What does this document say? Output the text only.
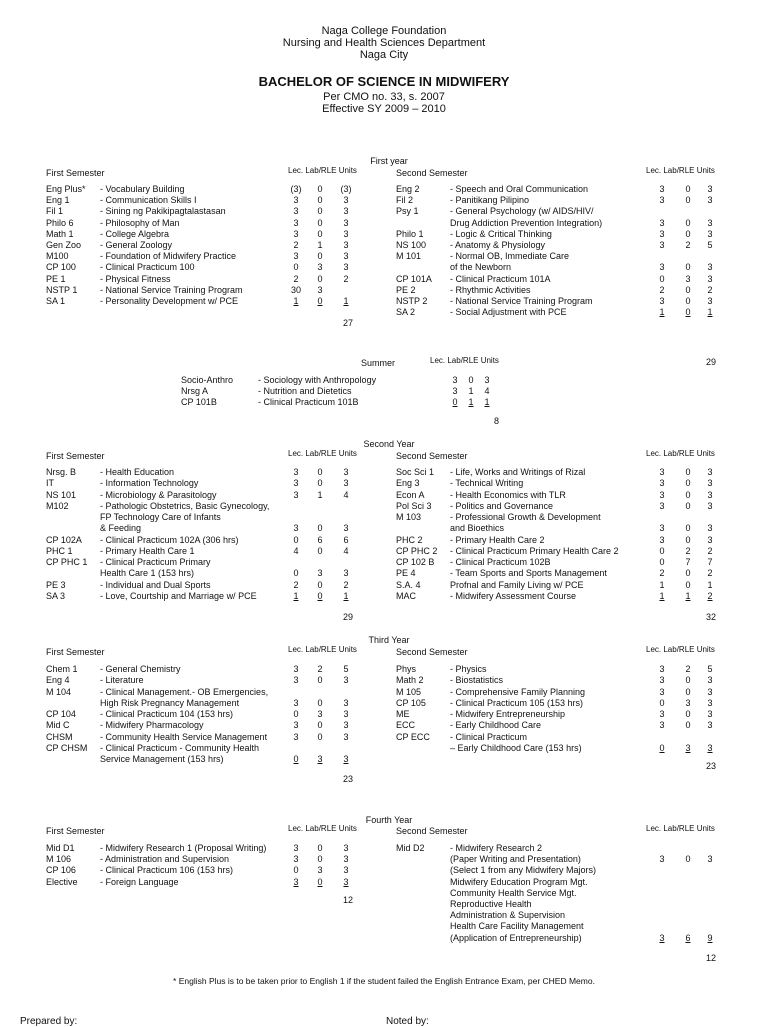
Naga College Foundation
Nursing and Health Sciences Department
Naga City
BACHELOR OF SCIENCE IN MIDWIFERY
Per CMO no. 33, s. 2007
Effective SY 2009 – 2010
First year
First Semester	Lec. Lab/RLE Units	Second Semester	Lec. Lab/RLE Units
Eng Plus* - Vocabulary Building	(3)	0	(3)
Eng 1	- Communication Skills I	3	0	3
Fil 1	- Sining ng Pakikipagtalastasan	3	0	3
Philo 6	- Philosophy of Man	3	0	3
Math 1	- College Algebra	3	0	3
Gen Zoo - General Zoology	2	1	3
M100	- Foundation of Midwifery Practice	3	0	3
CP 100	- Clinical Practicum 100	0	3	3
PE 1	- Physical Fitness	2	0	2
NSTP 1	- National Service Training Program	30	3
SA 1	- Personality Development w/ PCE	1	0	1
Eng 2	- Speech and Oral Communication	3	0	3
Fil 2	- Panitikang Pilipino	3	0	3
Psy 1	- General Psychology (w/ AIDS/HIV/
Drug Addiction Prevention Integration)	3	0	3
Philo 1	- Logic & Critical Thinking	3	0	3
NS 100	- Anatomy & Physiology	3	2	5
M 101	- Normal OB, Immediate Care
of the Newborn	3	0	3
CP 101A - Clinical Practicum 101A	0	3	3
PE 2	- Rhythmic Activities	2	0	2
NSTP 2	- National Service Training Program	3	0	3
SA 2	- Social Adjustment with PCE	1	0	1
27
29
Second Year
First Semester	Lec. Lab/RLE Units	Second Semester	Lec. Lab/RLE Units
Nrsg. B	- Health Education	3	0	3
IT	- Information Technology	3	0	3
NS 101	- Microbiology & Parasitology	3	1	4
M102	- Pathologic Obstetrics, Basic Gynecology,
FP Technology Care of Infants
& Feeding	3	0	3
CP 102A - Clinical Practicum 102A (306 hrs)	0	6	6
PHC 1	- Primary Health Care 1	4	0	4
CP PHC 1 - Clinical Practicum Primary
Health Care 1 (153 hrs)	0	3	3
PE 3	- Individual and Dual Sports	2	0	2
SA 3	- Love, Courtship and Marriage w/ PCE	1	0	1
Soc Sci 1 - Life, Works and Writings of Rizal	3	0	3
Eng 3	- Technical Writing	3	0	3
Econ A	- Health Economics with TLR	3	0	3
Pol Sci 3 - Politics and Governance	3	0	3
M 103	- Professional Growth & Development
and Bioethics	3	0	3
PHC 2	- Primary Health Care 2	3	0	3
CP PHC 2 - Clinical Practicum Primary Health Care 2	0	2	2
CP 102 B - Clinical Practicum 102B	0	7	7
PE 4	- Team Sports and Sports Management	2	0	2
S.A. 4	Profnal and Family Living w/ PCE	1	0	1
MAC	- Midwifery Assessment Course	1	1	2
29	32
Third Year
First Semester	Lec. Lab/RLE Units	Second Semester	Lec. Lab/RLE Units
Chem 1 - General Chemistry	3	2	5
Eng 4	- Literature	3	0	3
M 104	- Clinical Management.- OB Emergencies,
High Risk Pregnancy Management	3	0	3
CP 104	- Clinical Practicum 104 (153 hrs)	0	3	3
Mid C	- Midwifery Pharmacology	3	0	3
CHSM	- Community Health Service Management	3	0	3
CP CHSM - Clinical Practicum - Community Health
Service Management (153 hrs)	0	3	3
Phys	- Physics	3	2	5
Math 2	- Biostatistics	3	0	3
M 105	- Comprehensive Family Planning	3	0	3
CP 105	- Clinical Practicum 105 (153 hrs)	0	3	3
ME	- Midwifery Entrepreneurship	3	0	3
ECC	- Early Childhood Care	3	0	3
CP ECC - Clinical Practicum
– Early Childhood Care (153 hrs)	0	3	3
23
23
Fourth Year
First Semester	Lec. Lab/RLE Units	Second Semester	Lec. Lab/RLE Units
Mid D1	- Midwifery Research 1 (Proposal Writing)	3	0	3
M 106	- Administration and Supervision	3	0	3
CP 106	- Clinical Practicum 106 (153 hrs)	0	3	3
Elective - Foreign Language	3	0	3
Mid D2	- Midwifery Research 2
(Paper Writing and Presentation)	3	0	3
(Select 1 from any Midwifery Majors)
Midwifery Education Program Mgt.
Community Health Service Mgt.
Reproductive Health
Administration & Supervision
Health Care Facility Management
(Application of Entrepreneurship)	3	6	9
12
12
Summer	Lec. Lab/RLE Units
Socio-Anthro	- Sociology with Anthropology	3	0	3
Nrsg A	- Nutrition and Dietetics	3	1	4
CP 101B	- Clinical Practicum 101B	0	1	1
8
* English Plus is to be taken prior to English 1 if the student failed the English Entrance Exam, per CHED Memo.
Prepared by:	Noted by:
